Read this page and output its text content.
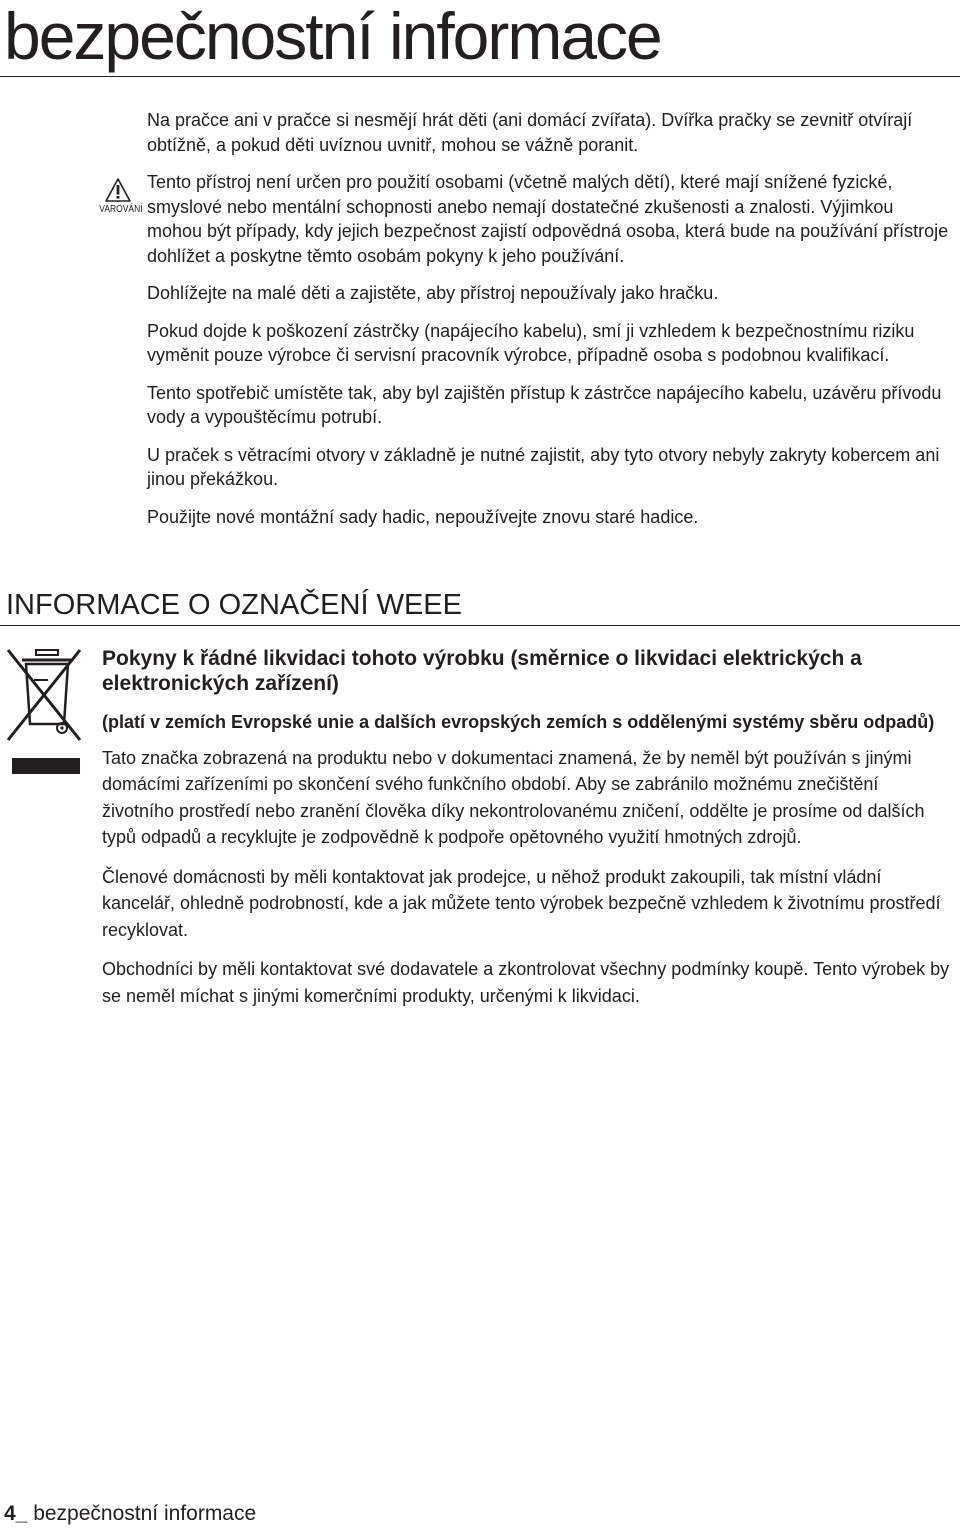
bezpečnostní informace
VAROVÁNÍ

Na pračce ani v pračce si nesmějí hrát děti (ani domácí zvířata). Dvířka pračky se zevnitř otvírají obtížně, a pokud děti uvíznou uvnitř, mohou se vážně poranit.

Tento přístroj není určen pro použití osobami (včetně malých dětí), které mají snížené fyzické, smyslové nebo mentální schopnosti anebo nemají dostatečné zkušenosti a znalosti. Výjimkou mohou být případy, kdy jejich bezpečnost zajistí odpovědná osoba, která bude na používání přístroje dohlížet a poskytne těmto osobám pokyny k jeho používání.

Dohlížejte na malé děti a zajistěte, aby přístroj nepoužívaly jako hračku.

Pokud dojde k poškození zástrčky (napájecího kabelu), smí ji vzhledem k bezpečnostnímu riziku vyměnit pouze výrobce či servisní pracovník výrobce, případně osoba s podobnou kvalifikací.

Tento spotřebič umístěte tak, aby byl zajištěn přístup k zástrčce napájecího kabelu, uzávěru přívodu vody a vypouštěcímu potrubí.

U praček s větracími otvory v základně je nutné zajistit, aby tyto otvory nebyly zakryty kobercem ani jinou překážkou.

Použijte nové montážní sady hadic, nepoužívejte znovu staré hadice.

INFORMACE O OZNAČENÍ WEEE

Pokyny k řádné likvidaci tohoto výrobku (směrnice o likvidaci elektrických a elektronických zařízení)

(platí v zemích Evropské unie a dalších evropských zemích s oddělenými systémy sběru odpadů)

Tato značka zobrazená na produktu nebo v dokumentaci znamená, že by neměl být používán s jinými domácími zařízeními po skončení svého funkčního období. Aby se zabránilo možnému znečištění životního prostředí nebo zranění člověka díky nekontrolovanému zničení, oddělte je prosíme od dalších typů odpadů a recyklujte je zodpovědně k podpoře opětovného využití hmotných zdrojů.

Členové domácnosti by měli kontaktovat jak prodejce, u něhož produkt zakoupili, tak místní vládní kancelář, ohledně podrobností, kde a jak můžete tento výrobek bezpečně vzhledem k životnímu prostředí recyklovat.

Obchodníci by měli kontaktovat své dodavatele a zkontrolovat všechny podmínky koupě. Tento výrobek by se neměl míchat s jinými komerčními produkty, určenými k likvidaci.

4_ bezpečnostní informace
